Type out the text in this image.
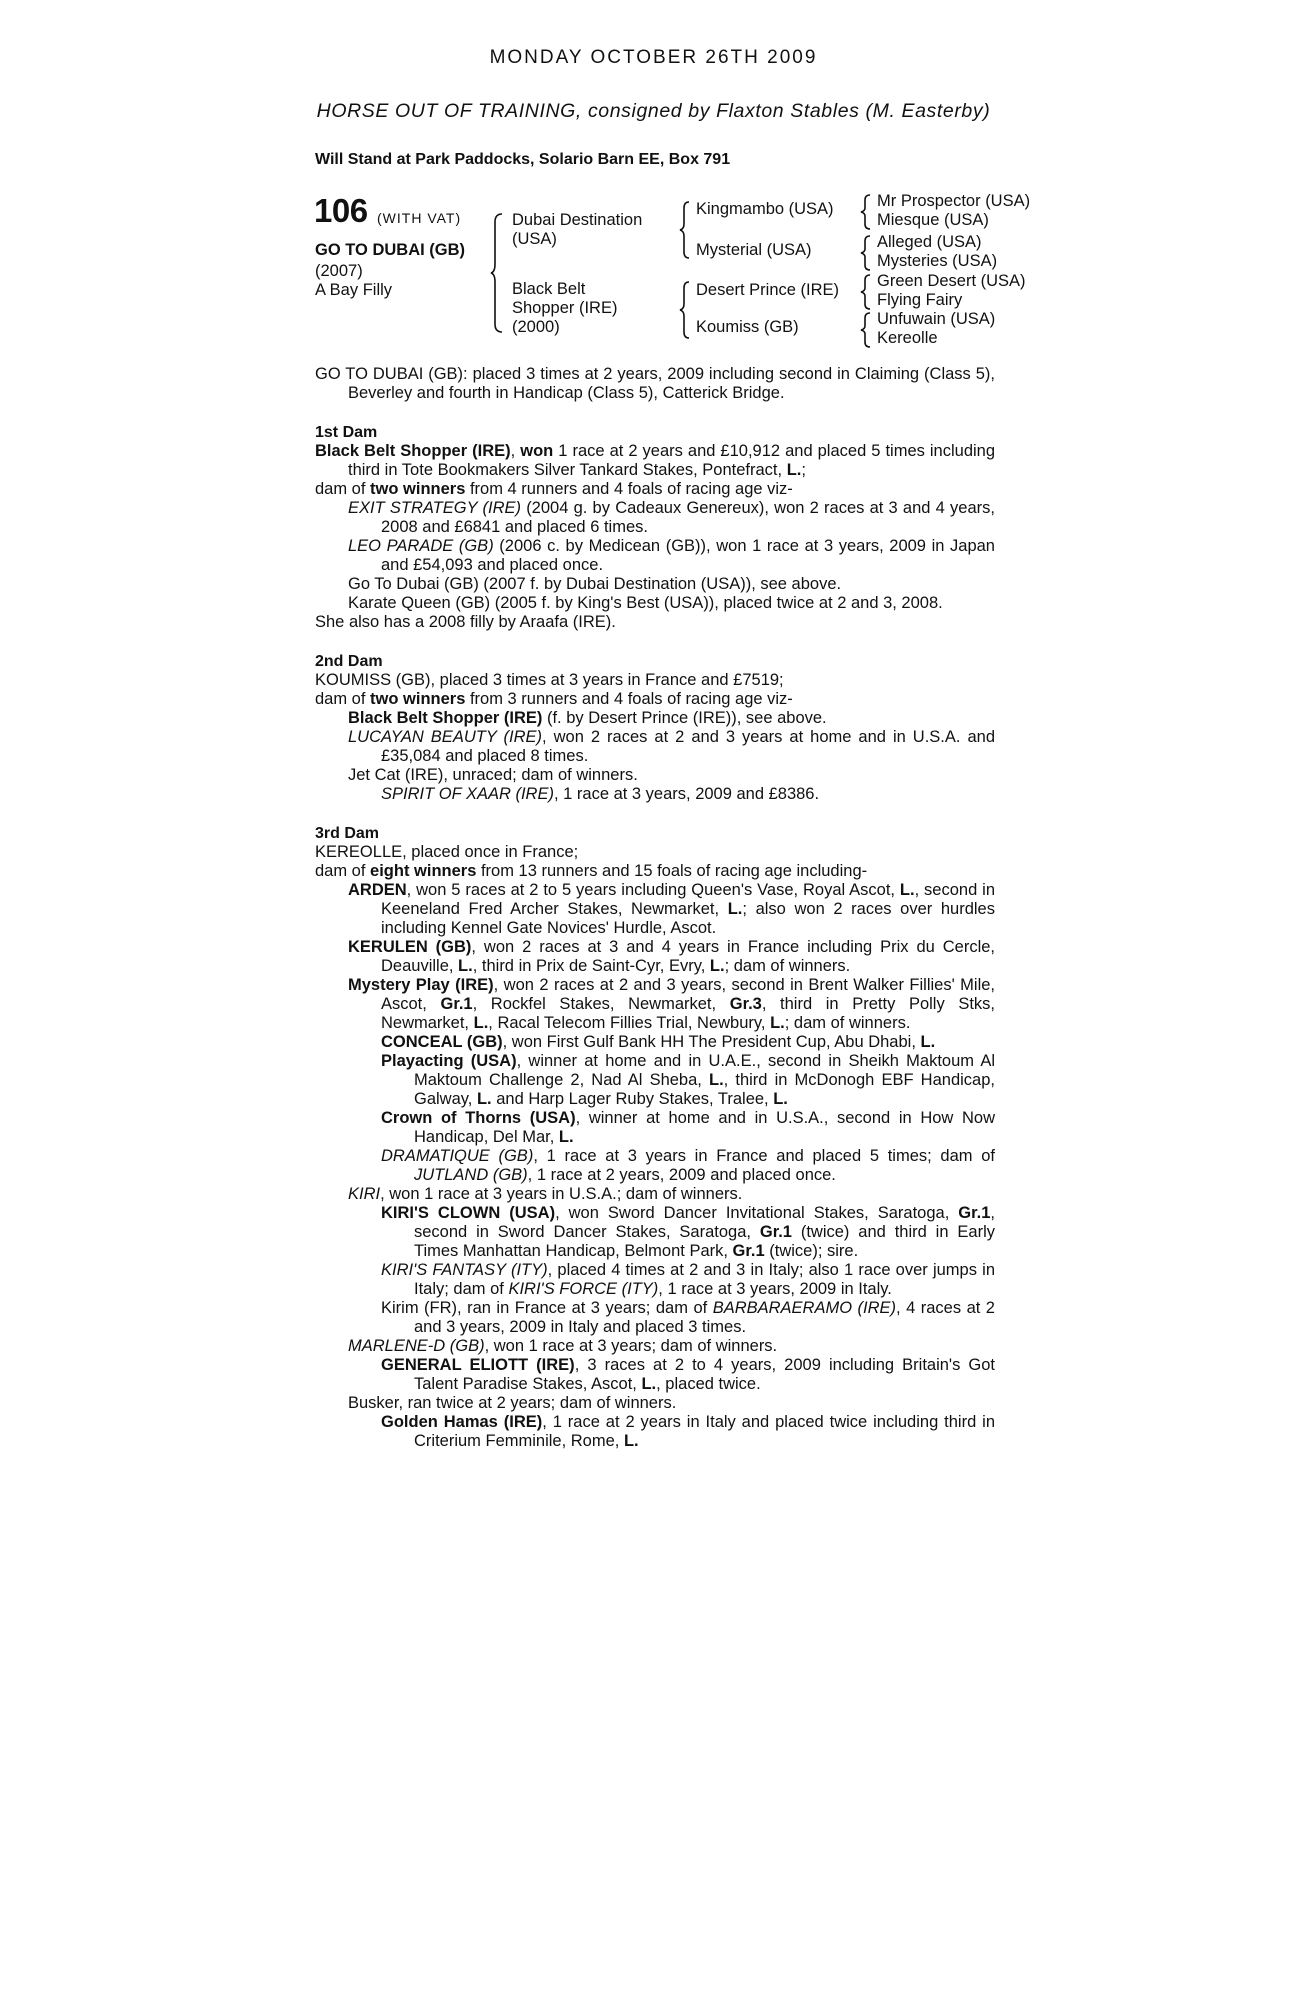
MONDAY OCTOBER 26TH 2009
HORSE OUT OF TRAINING, consigned by Flaxton Stables (M. Easterby)
Will Stand at Park Paddocks, Solario Barn EE, Box 791
106 (WITH VAT)
GO TO DUBAI (GB)
(2007)
A Bay Filly
Dubai Destination (USA)
Black Belt Shopper (IRE) (2000)
Kingmambo (USA)
Mysterial (USA)
Desert Prince (IRE)
Koumiss (GB)
Mr Prospector (USA)
Miesque (USA)
Alleged (USA)
Mysteries (USA)
Green Desert (USA)
Flying Fairy
Unfuwain (USA)
Kereolle

GO TO DUBAI (GB): placed 3 times at 2 years, 2009 including second in Claiming (Class 5), Beverley and fourth in Handicap (Class 5), Catterick Bridge.

1st Dam

Black Belt Shopper (IRE), won 1 race at 2 years and £10,912 and placed 5 times including third in Tote Bookmakers Silver Tankard Stakes, Pontefract, L.;

dam of two winners from 4 runners and 4 foals of racing age viz-

EXIT STRATEGY (IRE) (2004 g. by Cadeaux Genereux), won 2 races at 3 and 4 years, 2008 and £6841 and placed 6 times.

LEO PARADE (GB) (2006 c. by Medicean (GB)), won 1 race at 3 years, 2009 in Japan and £54,093 and placed once.

Go To Dubai (GB) (2007 f. by Dubai Destination (USA)), see above.

Karate Queen (GB) (2005 f. by King's Best (USA)), placed twice at 2 and 3, 2008.

She also has a 2008 filly by Araafa (IRE).

2nd Dam

KOUMISS (GB), placed 3 times at 3 years in France and £7519;

dam of two winners from 3 runners and 4 foals of racing age viz-

Black Belt Shopper (IRE) (f. by Desert Prince (IRE)), see above.

LUCAYAN BEAUTY (IRE), won 2 races at 2 and 3 years at home and in U.S.A. and £35,084 and placed 8 times.

Jet Cat (IRE), unraced; dam of winners.

SPIRIT OF XAAR (IRE), 1 race at 3 years, 2009 and £8386.

3rd Dam

KEREOLLE, placed once in France;

dam of eight winners from 13 runners and 15 foals of racing age including-

ARDEN, won 5 races at 2 to 5 years including Queen's Vase, Royal Ascot, L., second in Keeneland Fred Archer Stakes, Newmarket, L.; also won 2 races over hurdles including Kennel Gate Novices' Hurdle, Ascot.

KERULEN (GB), won 2 races at 3 and 4 years in France including Prix du Cercle, Deauville, L., third in Prix de Saint-Cyr, Evry, L.; dam of winners.

Mystery Play (IRE), won 2 races at 2 and 3 years, second in Brent Walker Fillies' Mile, Ascot, Gr.1, Rockfel Stakes, Newmarket, Gr.3, third in Pretty Polly Stks, Newmarket, L., Racal Telecom Fillies Trial, Newbury, L.; dam of winners.

CONCEAL (GB), won First Gulf Bank HH The President Cup, Abu Dhabi, L.

Playacting (USA), winner at home and in U.A.E., second in Sheikh Maktoum Al Maktoum Challenge 2, Nad Al Sheba, L., third in McDonogh EBF Handicap, Galway, L. and Harp Lager Ruby Stakes, Tralee, L.

Crown of Thorns (USA), winner at home and in U.S.A., second in How Now Handicap, Del Mar, L.

DRAMATIQUE (GB), 1 race at 3 years in France and placed 5 times; dam of JUTLAND (GB), 1 race at 2 years, 2009 and placed once.

KIRI, won 1 race at 3 years in U.S.A.; dam of winners.

KIRI'S CLOWN (USA), won Sword Dancer Invitational Stakes, Saratoga, Gr.1, second in Sword Dancer Stakes, Saratoga, Gr.1 (twice) and third in Early Times Manhattan Handicap, Belmont Park, Gr.1 (twice); sire.

KIRI'S FANTASY (ITY), placed 4 times at 2 and 3 in Italy; also 1 race over jumps in Italy; dam of KIRI'S FORCE (ITY), 1 race at 3 years, 2009 in Italy.

Kirim (FR), ran in France at 3 years; dam of BARBARAERAMO (IRE), 4 races at 2 and 3 years, 2009 in Italy and placed 3 times.

MARLENE-D (GB), won 1 race at 3 years; dam of winners.

GENERAL ELIOTT (IRE), 3 races at 2 to 4 years, 2009 including Britain's Got Talent Paradise Stakes, Ascot, L., placed twice.

Busker, ran twice at 2 years; dam of winners.

Golden Hamas (IRE), 1 race at 2 years in Italy and placed twice including third in Criterium Femminile, Rome, L.
